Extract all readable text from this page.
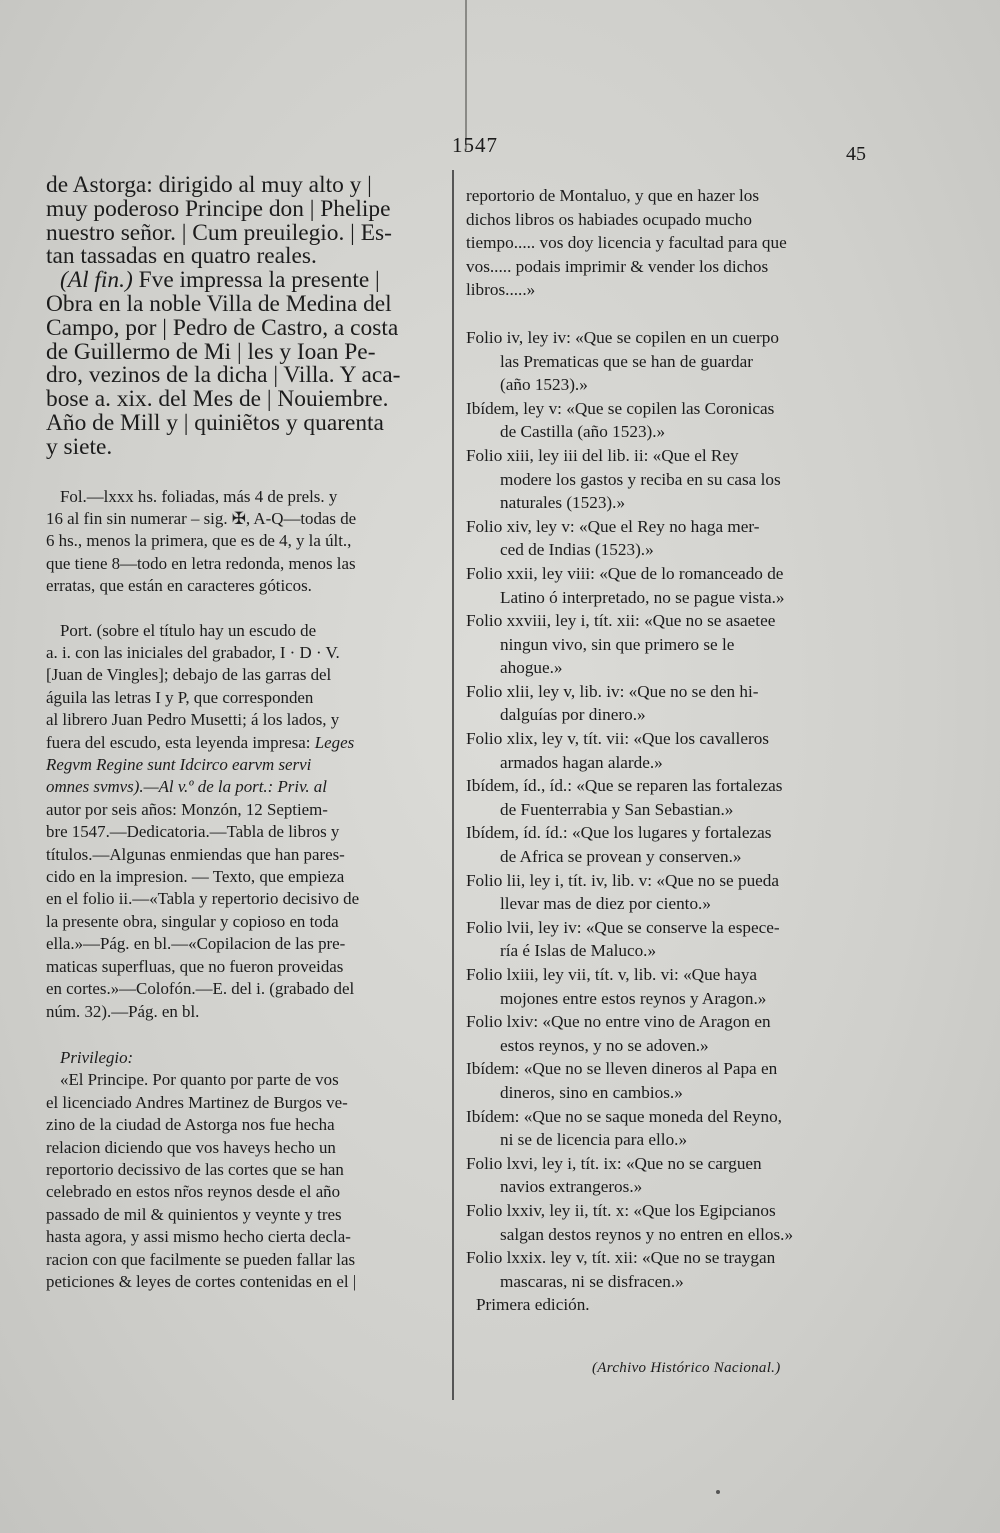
1547	45
de Astorga: dirigido al muy alto y |
muy poderoso Principe don | Phelipe
nuestro señor. | Cum preuilegio. | Es-
tan tassadas en quatro reales.
(Al fin.) Fve impressa la presente |
Obra en la noble Villa de Medina del
Campo, por | Pedro de Castro, a costa
de Guillermo de Mi | les y Ioan Pe-
dro, vezinos de la dicha | Villa. Y aca-
bose a. xix. del Mes de | Nouiembre.
Año de Mill y | quiniẽtos y quarenta
y siete.
Fol.—lxxx hs. foliadas, más 4 de prels. y
16 al fin sin numerar – sig. ✠, A-Q—todas de
6 hs., menos la primera, que es de 4, y la últ.,
que tiene 8—todo en letra redonda, menos las
erratas, que están en caracteres góticos.
Port. (sobre el título hay un escudo de
a. i. con las iniciales del grabador, I · D · V.
[Juan de Vingles]; debajo de las garras del
águila las letras I y P, que corresponden
al librero Juan Pedro Musetti; á los lados, y
fuera del escudo, esta leyenda impresa: Leges
Regvm Regine sunt Idcirco earvm servi
omnes svmvs).—Al v.º de la port.: Priv. al
autor por seis años: Monzón, 12 Septiem-
bre 1547.—Dedicatoria.—Tabla de libros y
títulos.—Algunas enmiendas que han pares-
cido en la impresion. — Texto, que empieza
en el folio ii.—«Tabla y repertorio decisivo de
la presente obra, singular y copioso en toda
ella.»—Pág. en bl.—«Copilacion de las pre-
maticas superfluas, que no fueron proveidas
en cortes.»—Colofón.—E. del i. (grabado del
núm. 32).—Pág. en bl.
Privilegio:
«El Principe. Por quanto por parte de vos
el licenciado Andres Martinez de Burgos ve-
zino de la ciudad de Astorga nos fue hecha
relacion diciendo que vos haveys hecho un
reportorio decissivo de las cortes que se han
celebrado en estos nr̃os reynos desde el año
passado de mil & quinientos y veynte y tres
hasta agora, y assi mismo hecho cierta decla-
racion con que facilmente se pueden fallar las
peticiones & leyes de cortes contenidas en el |
reportorio de Montaluo, y que en hazer los
dichos libros os habiades ocupado mucho
tiempo..... vos doy licencia y facultad para que
vos..... podais imprimir & vender los dichos
libros.....»
Folio iv, ley iv: «Que se copilen en un cuerpo
las Prematicas que se han de guardar
(año 1523).»
Ibídem, ley v: «Que se copilen las Coronicas
de Castilla (año 1523).»
Folio xiii, ley iii del lib. ii: «Que el Rey
modere los gastos y reciba en su casa los
naturales (1523).»
Folio xiv, ley v: «Que el Rey no haga mer-
ced de Indias (1523).»
Folio xxii, ley viii: «Que de lo romanceado de
Latino ó interpretado, no se pague vista.»
Folio xxviii, ley i, tít. xii: «Que no se asaetee
ningun vivo, sin que primero se le
ahogue.»
Folio xlii, ley v, lib. iv: «Que no se den hi-
dalguías por dinero.»
Folio xlix, ley v, tít. vii: «Que los cavalleros
armados hagan alarde.»
Ibídem, íd., íd.: «Que se reparen las fortalezas
de Fuenterrabia y San Sebastian.»
Ibídem, íd. íd.: «Que los lugares y fortalezas
de Africa se provean y conserven.»
Folio lii, ley i, tít. iv, lib. v: «Que no se pueda
llevar mas de diez por ciento.»
Folio lvii, ley iv: «Que se conserve la espece-
ría é Islas de Maluco.»
Folio lxiii, ley vii, tít. v, lib. vi: «Que haya
mojones entre estos reynos y Aragon.»
Folio lxiv: «Que no entre vino de Aragon en
estos reynos, y no se adoven.»
Ibídem: «Que no se lleven dineros al Papa en
dineros, sino en cambios.»
Ibídem: «Que no se saque moneda del Reyno,
ni se de licencia para ello.»
Folio lxvi, ley i, tít. ix: «Que no se carguen
navios extrangeros.»
Folio lxxiv, ley ii, tít. x: «Que los Egipcianos
salgan destos reynos y no entren en ellos.»
Folio lxxix. ley v, tít. xii: «Que no se traygan
mascaras, ni se disfracen.»
Primera edición.
(Archivo Histórico Nacional.)
